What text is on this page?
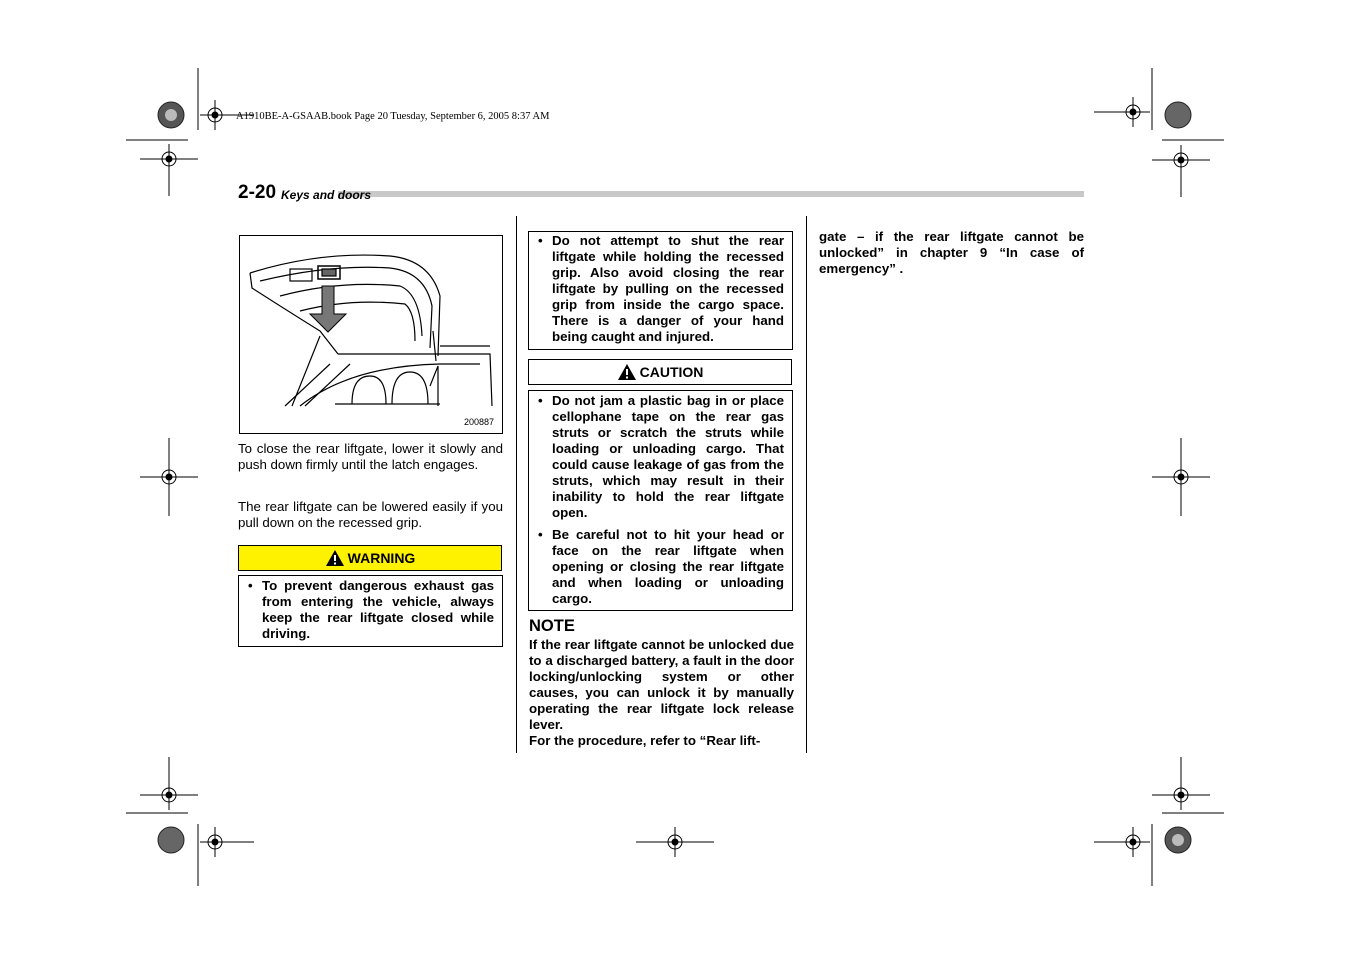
A1910BE-A-GSAAB.book Page 20 Tuesday, September 6, 2005 8:37 AM
2-20 Keys and doors
200887
To close the rear liftgate, lower it slowly and push down firmly until the latch engages.
The rear liftgate can be lowered easily if you pull down on the recessed grip.
WARNING
• To prevent dangerous exhaust gas from entering the vehicle, always keep the rear liftgate closed while driving.
• Do not attempt to shut the rear liftgate while holding the recessed grip. Also avoid closing the rear liftgate by pulling on the recessed grip from inside the cargo space. There is a danger of your hand being caught and injured.
CAUTION
• Do not jam a plastic bag in or place cellophane tape on the rear gas struts or scratch the struts while loading or unloading cargo. That could cause leakage of gas from the struts, which may result in their inability to hold the rear liftgate open.
• Be careful not to hit your head or face on the rear liftgate when opening or closing the rear liftgate and when loading or unloading cargo.
NOTE
If the rear liftgate cannot be unlocked due to a discharged battery, a fault in the door locking/unlocking system or other causes, you can unlock it by manually operating the rear liftgate lock release lever.
For the procedure, refer to “Rear lift-
gate – if the rear liftgate cannot be unlocked” in chapter 9 “In case of emergency” .
